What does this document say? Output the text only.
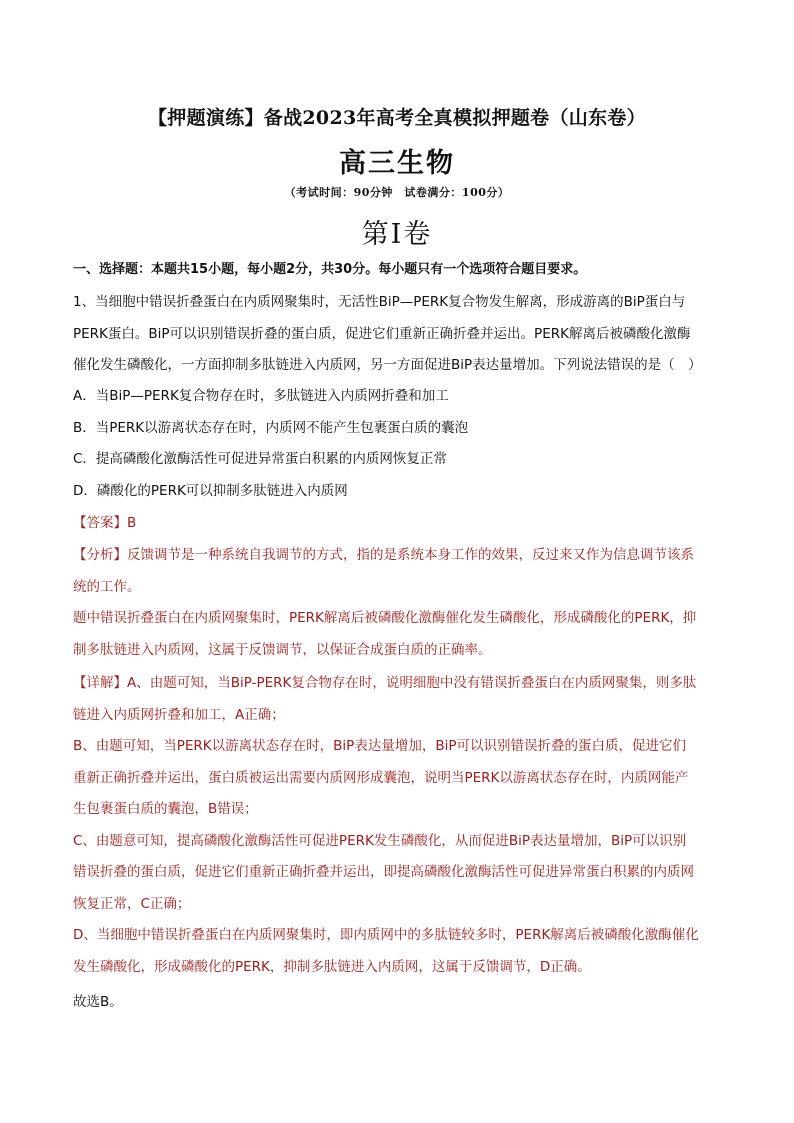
【押题演练】备战2023年高考全真模拟押题卷（山东卷）
高三生物
（考试时间：90分钟　试卷满分：100分）
第Ⅰ卷
一、选择题：本题共15小题，每小题2分，共30分。每小题只有一个选项符合题目要求。
1、当细胞中错误折叠蛋白在内质网聚集时，无活性BiP—PERK复合物发生解离，形成游离的BiP蛋白与
PERK蛋白。BiP可以识别错误折叠的蛋白质，促进它们重新正确折叠并运出。PERK解离后被磷酸化激酶
催化发生磷酸化，一方面抑制多肽链进入内质网，另一方面促进BiP表达量增加。下列说法错误的是（　）
A．当BiP—PERK复合物存在时，多肽链进入内质网折叠和加工
B．当PERK以游离状态存在时，内质网不能产生包裹蛋白质的囊泡
C．提高磷酸化激酶活性可促进异常蛋白积累的内质网恢复正常
D．磷酸化的PERK可以抑制多肽链进入内质网
【答案】B
【分析】反馈调节是一种系统自我调节的方式，指的是系统本身工作的效果，反过来又作为信息调节该系
统的工作。
题中错误折叠蛋白在内质网聚集时，PERK解离后被磷酸化激酶催化发生磷酸化，形成磷酸化的PERK，抑
制多肽链进入内质网，这属于反馈调节，以保证合成蛋白质的正确率。
【详解】A、由题可知，当BiP-PERK复合物存在时，说明细胞中没有错误折叠蛋白在内质网聚集，则多肽
链进入内质网折叠和加工，A正确；
B、由题可知，当PERK以游离状态存在时，BiP表达量增加，BiP可以识别错误折叠的蛋白质，促进它们
重新正确折叠并运出，蛋白质被运出需要内质网形成囊泡，说明当PERK以游离状态存在时，内质网能产
生包裹蛋白质的囊泡，B错误；
C、由题意可知，提高磷酸化激酶活性可促进PERK发生磷酸化，从而促进BiP表达量增加，BiP可以识别
错误折叠的蛋白质，促进它们重新正确折叠并运出，即提高磷酸化激酶活性可促进异常蛋白积累的内质网
恢复正常，C正确；
D、当细胞中错误折叠蛋白在内质网聚集时，即内质网中的多肽链较多时，PERK解离后被磷酸化激酶催化
发生磷酸化，形成磷酸化的PERK，抑制多肽链进入内质网，这属于反馈调节，D正确。
故选B。
